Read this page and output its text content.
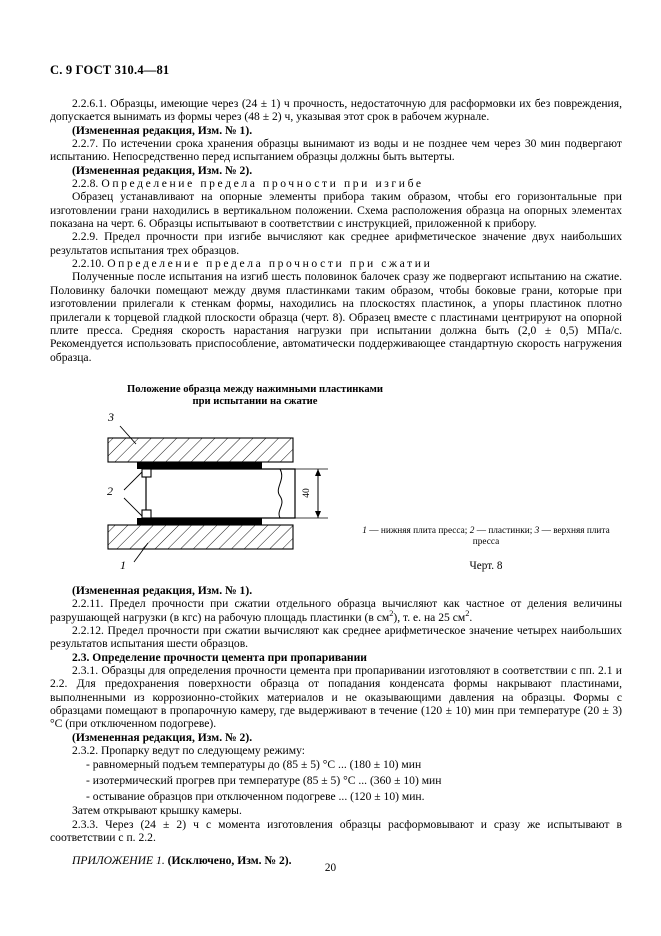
С. 9 ГОСТ 310.4—81

2.2.6.1. Образцы, имеющие через (24 ± 1) ч прочность, недостаточную для расформовки их без повреждения, допускается вынимать из формы через (48 ± 2) ч, указывая этот срок в рабочем журнале.

(Измененная редакция, Изм. № 1).

2.2.7. По истечении срока хранения образцы вынимают из воды и не позднее чем через 30 мин подвергают испытанию. Непосредственно перед испытанием образцы должны быть вытерты.

(Измененная редакция, Изм. № 2).

2.2.8. Определение предела прочности при изгибе

Образец устанавливают на опорные элементы прибора таким образом, чтобы его горизонтальные при изготовлении грани находились в вертикальном положении. Схема расположения образца на опорных элементах показана на черт. 6. Образцы испытывают в соответствии с инструкцией, приложенной к прибору.

2.2.9. Предел прочности при изгибе вычисляют как среднее арифметическое значение двух наибольших результатов испытания трех образцов.

2.2.10. Определение предела прочности при сжатии

Полученные после испытания на изгиб шесть половинок балочек сразу же подвергают испытанию на сжатие. Половинку балочки помещают между двумя пластинками таким образом, чтобы боковые грани, которые при изготовлении прилегали к стенкам формы, находились на плоскостях пластинок, а упоры пластинок плотно прилегали к торцевой гладкой плоскости образца (черт. 8). Образец вместе с пластинами центрируют на опорной плите пресса. Средняя скорость нарастания нагрузки при испытании должна быть (2,0 ± 0,5) МПа/с. Рекомендуется использовать приспособление, автоматически поддерживающее стандартную скорость нагружения образца.

Положение образца между нажимными пластинками
при испытании на сжатие
3
2
1
40
1 — нижняя плита пресса; 2 — пластинки; 3 — верхняя плита пресса
Черт. 8

(Измененная редакция, Изм. № 1).

2.2.11. Предел прочности при сжатии отдельного образца вычисляют как частное от деления величины разрушающей нагрузки (в кгс) на рабочую площадь пластинки (в $см^2$), т. е. на 25 $см^2$.

2.2.12. Предел прочности при сжатии вычисляют как среднее арифметическое значение четырех наибольших результатов испытания шести образцов.

2.3. Определение прочности цемента при пропаривании

2.3.1. Образцы для определения прочности цемента при пропаривании изготовляют в соответствии с пп. 2.1 и 2.2. Для предохранения поверхности образца от попадания конденсата формы накрывают пластинами, выполненными из коррозионно-стойких материалов и не оказывающими давления на образцы. Формы с образцами помещают в пропарочную камеру, где выдерживают в течение (120 ± 10) мин при температуре (20 ± 3) °С (при отключенном подогреве).

(Измененная редакция, Изм. № 2).

2.3.2. Пропарку ведут по следующему режиму:

- равномерный подъем температуры до (85 ± 5) °С ... (180 ± 10) мин

- изотермический прогрев при температуре (85 ± 5) °С ... (360 ± 10) мин

- остывание образцов при отключенном подогреве ... (120 ± 10) мин.

Затем открывают крышку камеры.

2.3.3. Через (24 ± 2) ч с момента изготовления образцы расформовывают и сразу же испытывают в соответствии с п. 2.2.

ПРИЛОЖЕНИЕ 1. (Исключено, Изм. № 2).

20
